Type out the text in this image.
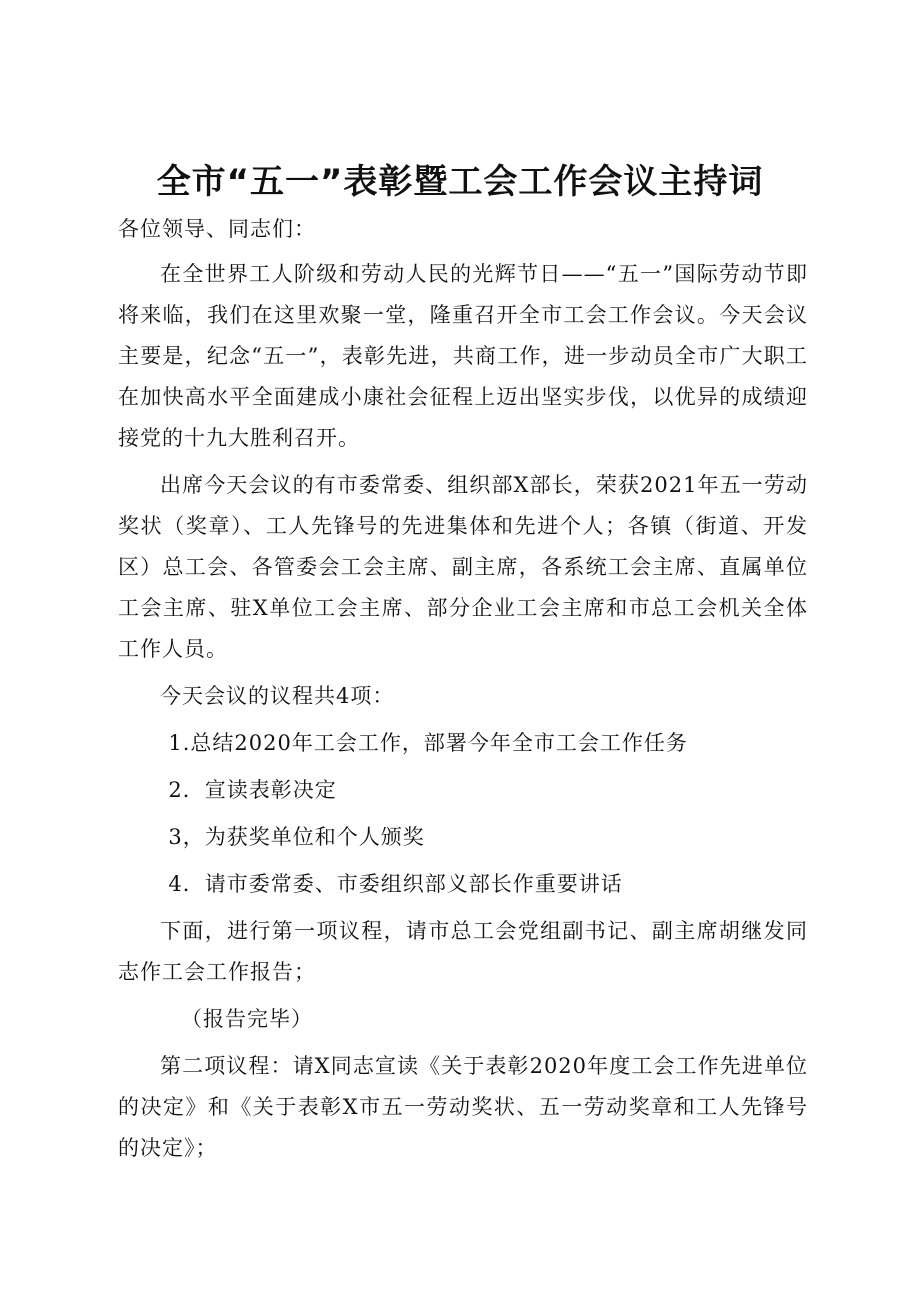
全市“五一”表彰暨工会工作会议主持词

各位领导、同志们：

在全世界工人阶级和劳动人民的光辉节日——“五一”国际劳动节即将来临，我们在这里欢聚一堂，隆重召开全市工会工作会议。今天会议主要是，纪念“五一”，表彰先进，共商工作，进一步动员全市广大职工在加快高水平全面建成小康社会征程上迈出坚实步伐，以优异的成绩迎接党的十九大胜利召开。

出席今天会议的有市委常委、组织部X部长，荣获2021年五一劳动奖状（奖章）、工人先锋号的先进集体和先进个人；各镇（街道、开发区）总工会、各管委会工会主席、副主席，各系统工会主席、直属单位工会主席、驻X单位工会主席、部分企业工会主席和市总工会机关全体工作人员。

今天会议的议程共4项：

1.总结2020年工会工作，部署今年全市工会工作任务

2．宣读表彰决定

3，为获奖单位和个人颁奖

4．请市委常委、市委组织部义部长作重要讲话

下面，进行第一项议程，请市总工会党组副书记、副主席胡继发同志作工会工作报告；

（报告完毕）

第二项议程：请X同志宣读《关于表彰2020年度工会工作先进单位的决定》和《关于表彰X市五一劳动奖状、五一劳动奖章和工人先锋号的决定》；
